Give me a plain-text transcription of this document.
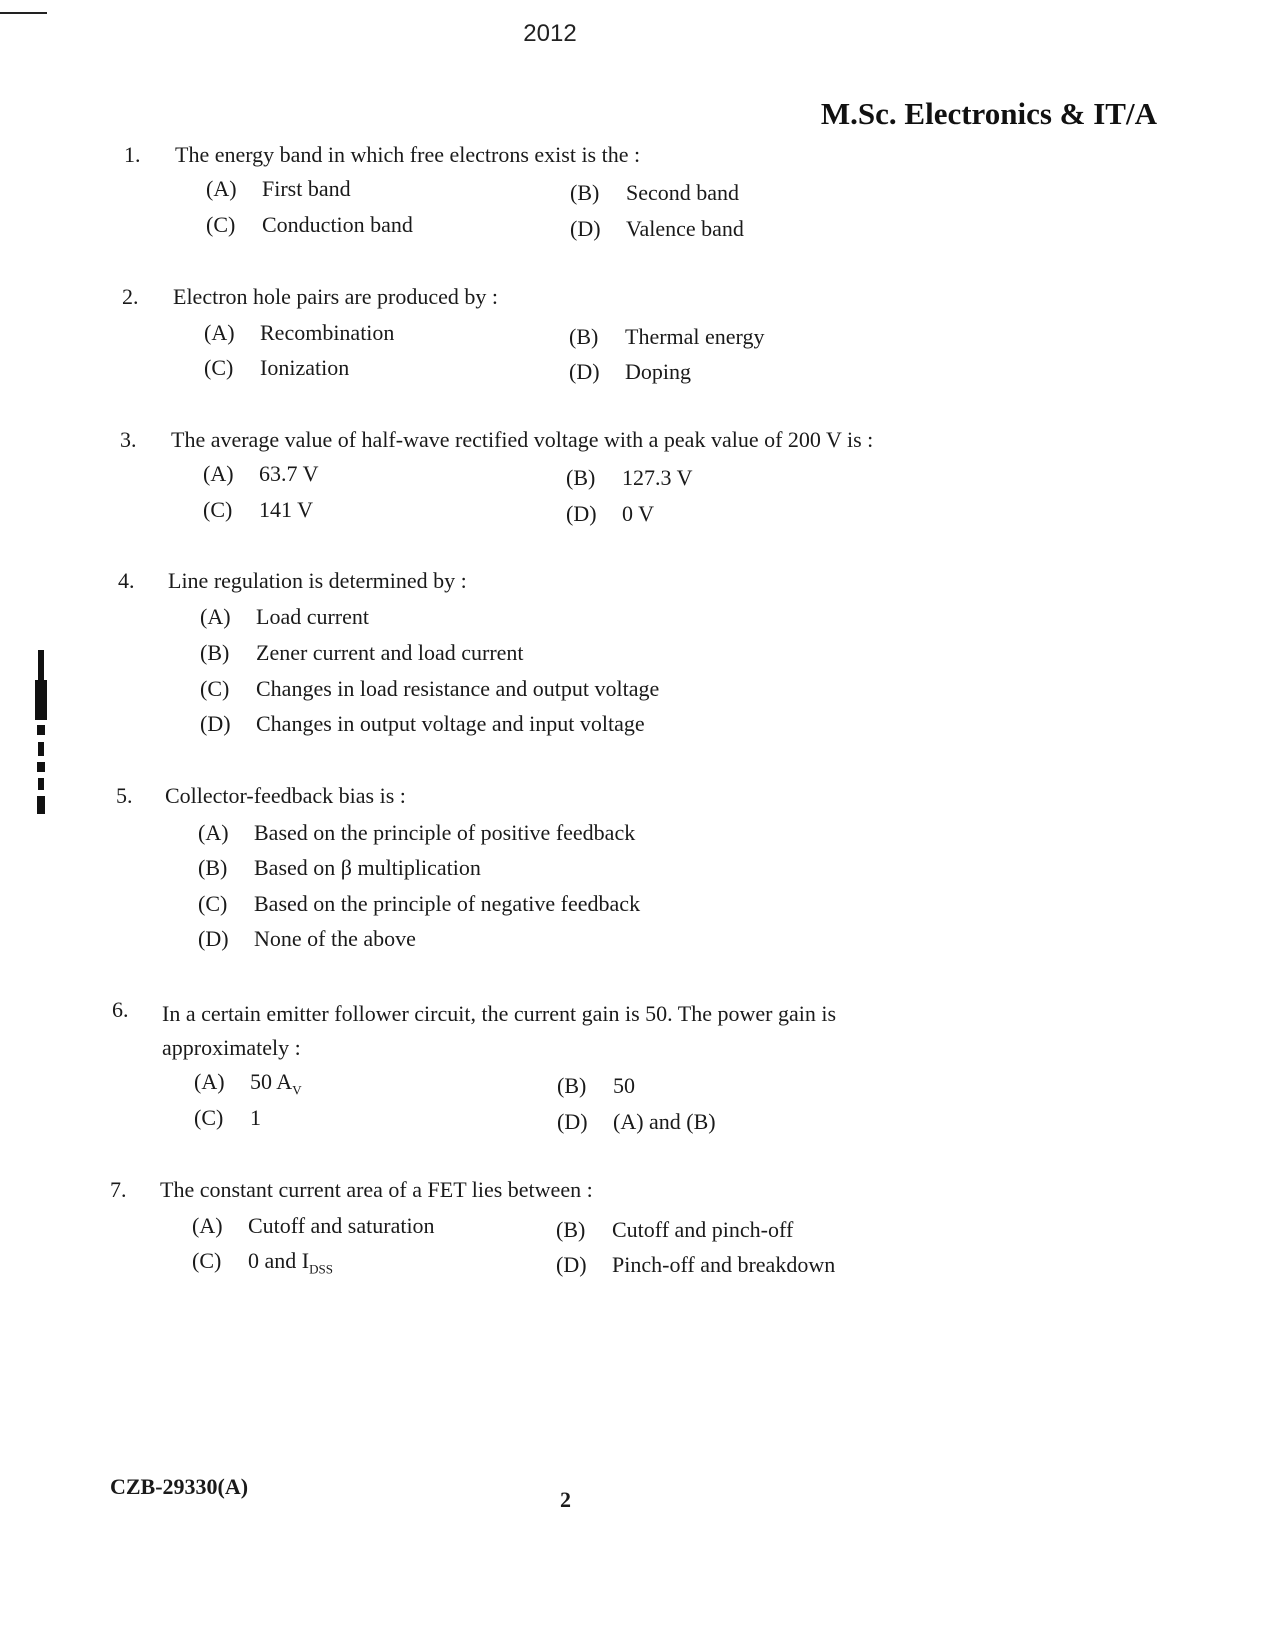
2012
M.Sc. Electronics & IT/A
1.	The energy band in which free electrons exist is the :
(A) First band	(B) Second band
(C) Conduction band	(D) Valence band
2.	Electron hole pairs are produced by :
(A) Recombination	(B) Thermal energy
(C) Ionization	(D) Doping
3.	The average value of half-wave rectified voltage with a peak value of 200 V is :
(A) 63.7 V	(B) 127.3 V
(C) 141 V	(D) 0 V
4.	Line regulation is determined by :
(A) Load current
(B) Zener current and load current
(C) Changes in load resistance and output voltage
(D) Changes in output voltage and input voltage
5.	Collector-feedback bias is :
(A) Based on the principle of positive feedback
(B) Based on β multiplication
(C) Based on the principle of negative feedback
(D) None of the above
6.	In a certain emitter follower circuit, the current gain is 50. The power gain is approximately :
(A) 50 $A_V$	(B) 50
(C) 1	(D) (A) and (B)
7.	The constant current area of a FET lies between :
(A) Cutoff and saturation	(B) Cutoff and pinch-off
(C) 0 and $I_{DSS}$	(D) Pinch-off and breakdown
CZB-29330(A)
2
